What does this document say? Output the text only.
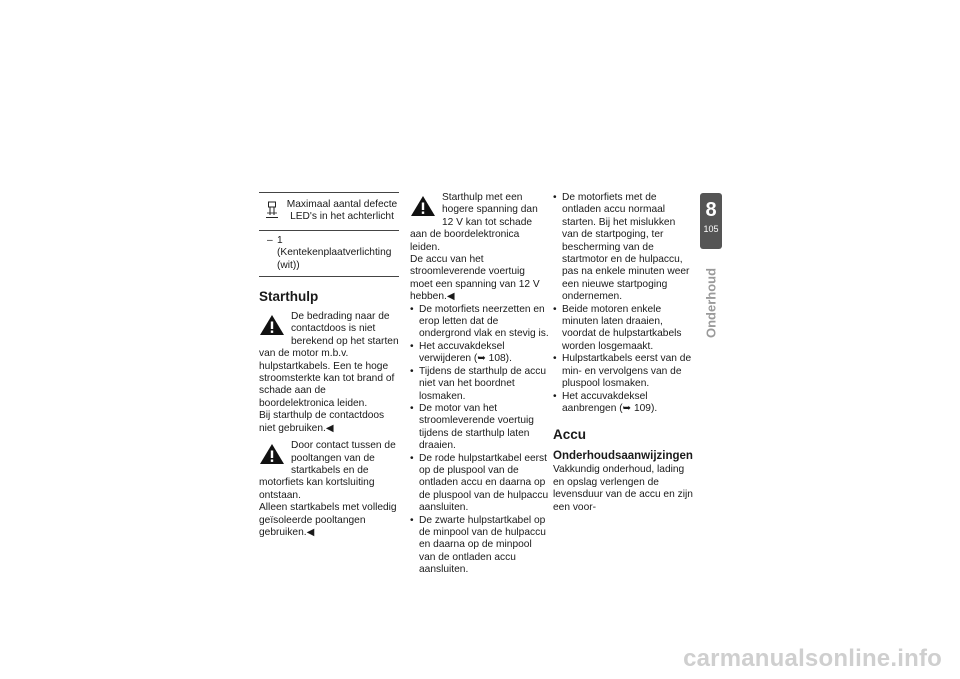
Maximaal aantal defecte LED's in het achterlicht
– 1 (Kentekenplaatverlichting (wit))
Starthulp

De bedrading naar de contactdoos is niet berekend op het starten van de motor m.b.v. hulpstartkabels. Een te hoge stroomsterkte kan tot brand of schade aan de boordelektronica leiden.

Bij starthulp de contactdoos niet gebruiken.◀

Door contact tussen de pooltangen van de startkabels en de motorfiets kan kortsluiting ontstaan.

Alleen startkabels met volledig geïsoleerde pooltangen gebruiken.◀

Starthulp met een hogere spanning dan 12 V kan tot schade aan de boordelektronica leiden.

De accu van het stroomleverende voertuig moet een spanning van 12 V hebben.◀

• De motorfiets neerzetten en erop letten dat de ondergrond vlak en stevig is.
• Het accuvakdeksel verwijderen (➥ 108).
• Tijdens de starthulp de accu niet van het boordnet losmaken.
• De motor van het stroomleverende voertuig tijdens de starthulp laten draaien.
• De rode hulpstartkabel eerst op de pluspool van de ontladen accu en daarna op de pluspool van de hulpaccu aansluiten.
• De zwarte hulpstartkabel op de minpool van de hulpaccu en daarna op de minpool van de ontladen accu aansluiten.
• De motorfiets met de ontladen accu normaal starten. Bij het mislukken van de startpoging, ter bescherming van de startmotor en de hulpaccu, pas na enkele minuten weer een nieuwe startpoging ondernemen.
• Beide motoren enkele minuten laten draaien, voordat de hulpstartkabels worden losgemaakt.
• Hulpstartkabels eerst van de min- en vervolgens van de pluspool losmaken.
• Het accuvakdeksel aanbrengen (➥ 109).
Accu
Onderhoudsaanwijzingen

Vakkundig onderhoud, lading en opslag verlengen de levensduur van de accu en zijn een voor-

8
105
Onderhoud
carmanualsonline.info
